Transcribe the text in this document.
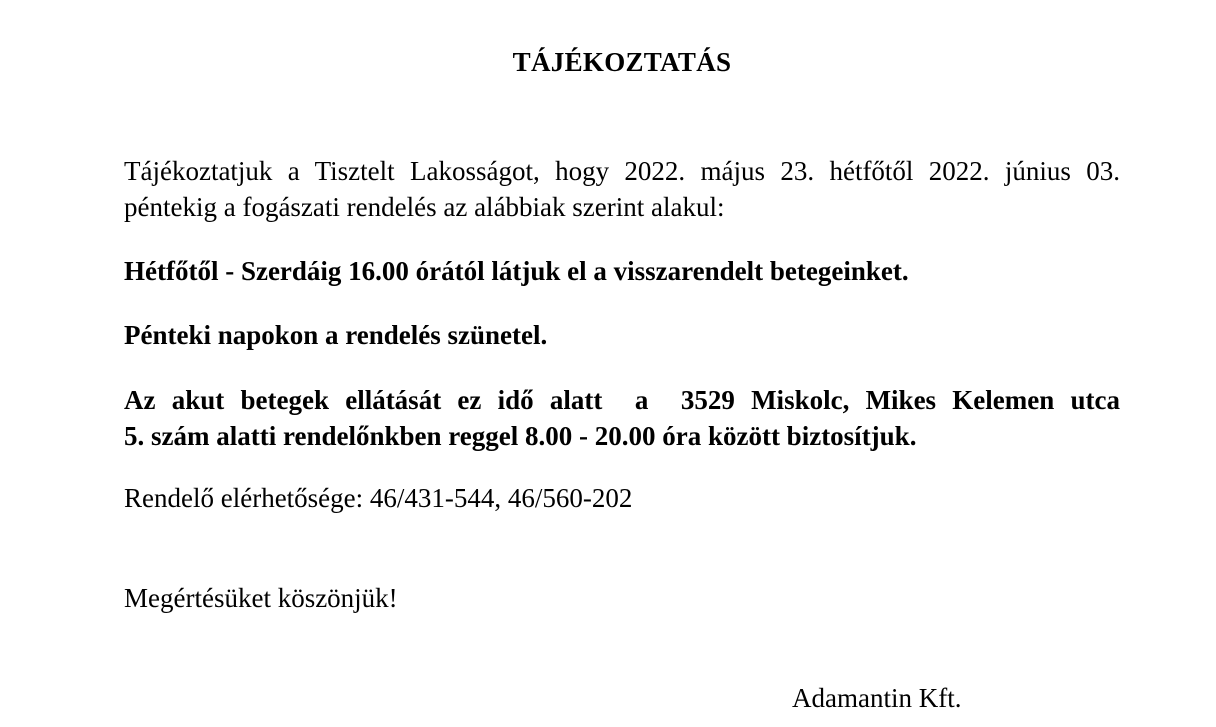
TÁJÉKOZTATÁS
Tájékoztatjuk a Tisztelt Lakosságot, hogy 2022. május 23. hétfőtől 2022. június 03. péntekig a fogászati rendelés az alábbiak szerint alakul:
Hétfőtől - Szerdáig 16.00 órától látjuk el a visszarendelt betegeinket.
Pénteki napokon a rendelés szünetel.
Az akut betegek ellátását ez idő alatt  a  3529 Miskolc, Mikes Kelemen utca
5. szám alatti rendelőnkben reggel 8.00 - 20.00 óra között biztosítjuk.
Rendelő elérhetősége: 46/431-544, 46/560-202
Megértésüket köszönjük!
Adamantin Kft.
